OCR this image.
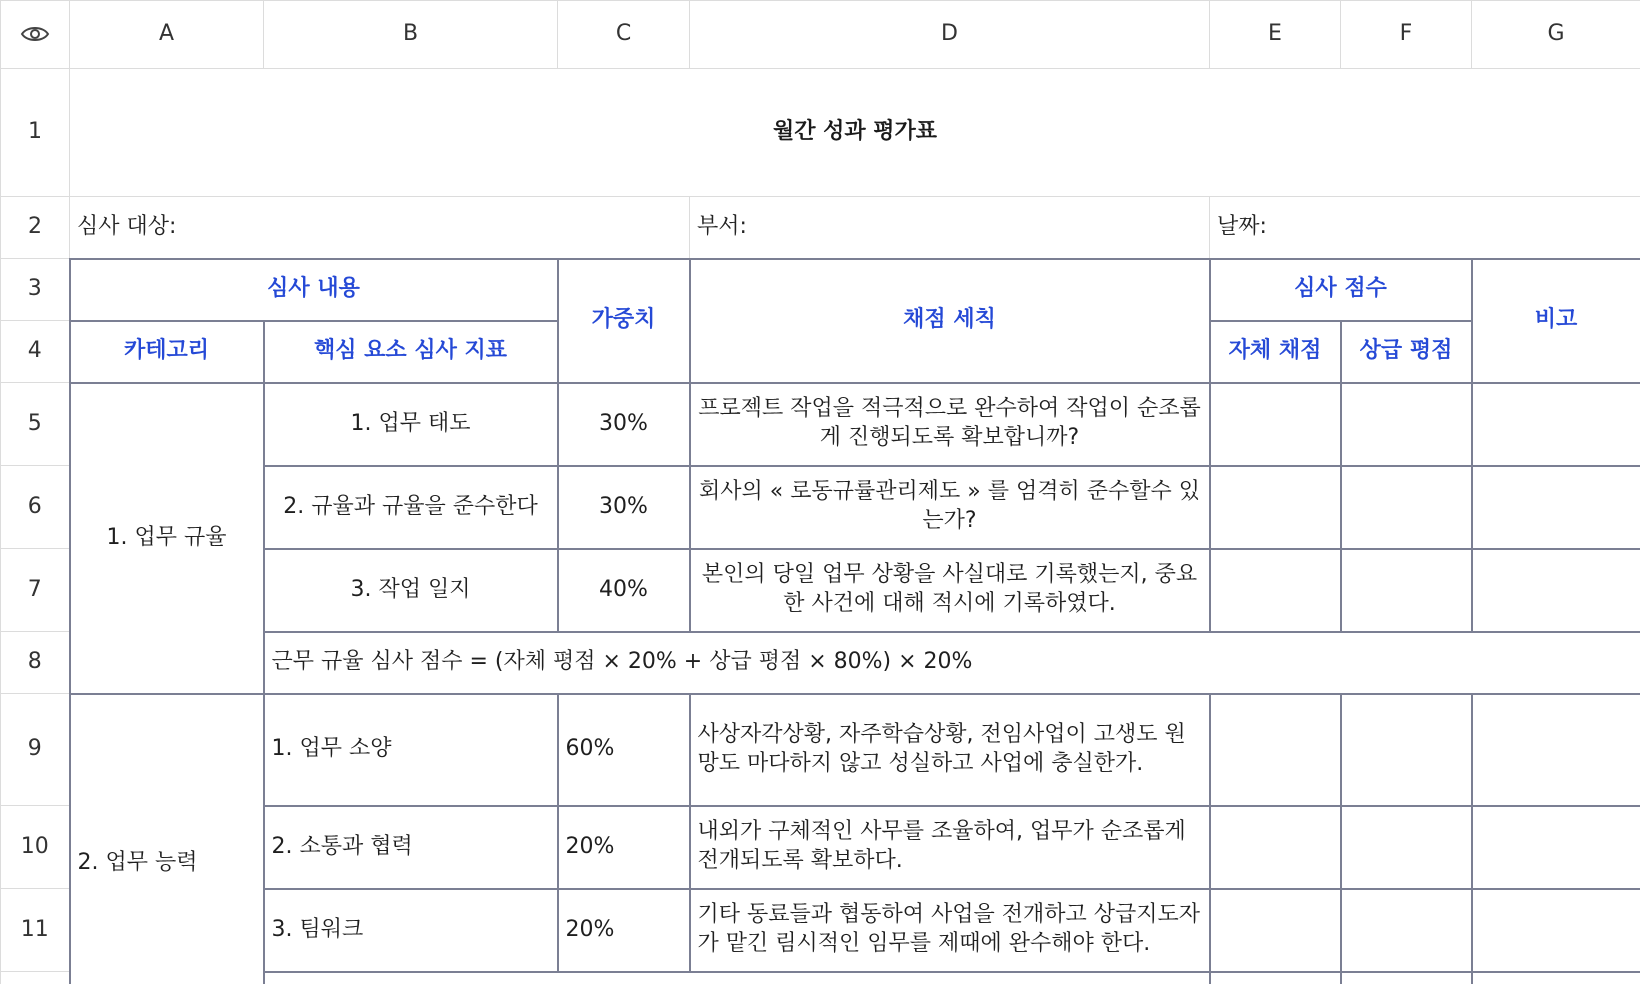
	A	B	C	D	E	F	G
1	월간 성과 평가표						
2	심사 대상:			부서:	날짜:		
3	심사 내용		가중치	채점 세칙	심사 점수		비고
4	카테고리	핵심 요소 심사 지표			자체 채점	상급 평점	
5	1. 업무 규율	1. 업무 태도	30%	프로젝트 작업을 적극적으로 완수하여 작업이 순조롭게 진행되도록 확보합니까?			
6		2. 규율과 규율을 준수한다	30%	회사의 « 로동규률관리제도 » 를 엄격히 준수할수 있는가?			
7		3. 작업 일지	40%	본인의 당일 업무 상황을 사실대로 기록했는지, 중요한 사건에 대해 적시에 기록하였다.			
8		근무 규율 심사 점수 = (자체 평점 × 20% + 상급 평점 × 80%) × 20%					
9	2. 업무 능력	1. 업무 소양	60%	사상자각상황, 자주학습상황, 전임사업이 고생도 원망도 마다하지 않고 성실하고 사업에 충실한가.			
10		2. 소통과 협력	20%	내외가 구체적인 사무를 조율하여, 업무가 순조롭게 전개되도록 확보하다.			
11		3. 팀워크	20%	기타 동료들과 협동하여 사업을 전개하고 상급지도자가 맡긴 림시적인 임무를 제때에 완수해야 한다.			
